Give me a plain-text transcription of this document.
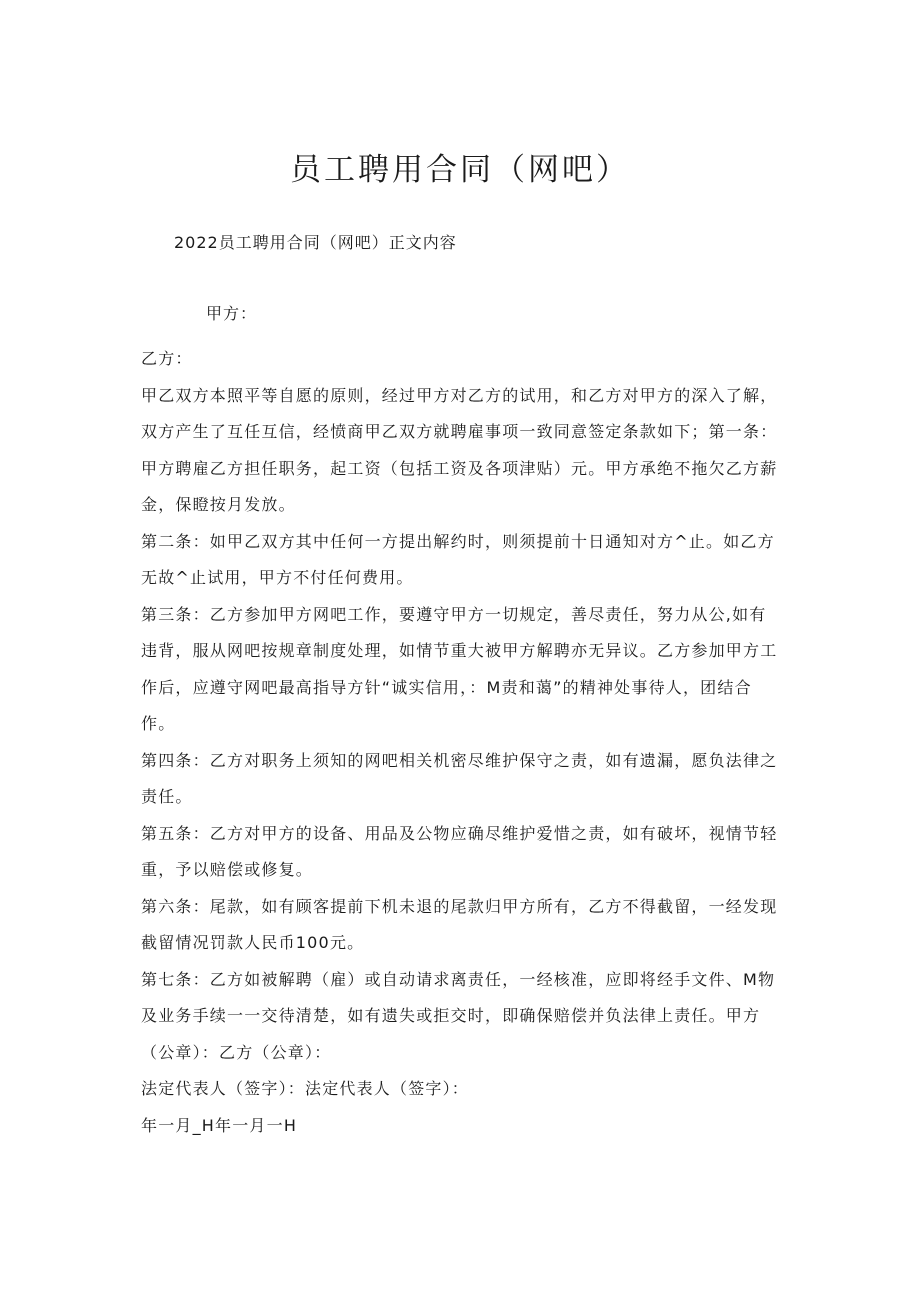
员工聘用合同（网吧）
2022员工聘用合同（网吧）正文内容
甲方：

乙方：

甲乙双方本照平等自愿的原则，经过甲方对乙方的试用，和乙方对甲方的深入了解，双方产生了互任互信，经愤商甲乙双方就聘雇事项一致同意签定条款如下；第一条：甲方聘雇乙方担任职务，起工资（包括工资及各项津贴）元。甲方承绝不拖欠乙方薪金，保瞪按月发放。

第二条：如甲乙双方其中任何一方提出解约时，则须提前十日通知对方^止。如乙方无故^止试用，甲方不付任何费用。

第三条：乙方参加甲方网吧工作，要遵守甲方一切规定，善尽责任，努力从公,如有违背，服从网吧按规章制度处理，如情节重大被甲方解聘亦无异议。乙方参加甲方工作后，应遵守网吧最高指导方针“诚实信用，：M责和蔼”的精神处事待人，团结合作。

第四条：乙方对职务上须知的网吧相关机密尽维护保守之责，如有遗漏，愿负法律之责任。

第五条：乙方对甲方的设备、用品及公物应确尽维护爱惜之责，如有破坏，视情节轻重，予以赔偿或修复。

第六条：尾款，如有顾客提前下机未退的尾款归甲方所有，乙方不得截留，一经发现截留情况罚款人民币100元。

第七条：乙方如被解聘（雇）或自动请求离责任，一经核准，应即将经手文件、M物及业务手续一一交待清楚，如有遗失或拒交时，即确保赔偿并负法律上责任。甲方（公章）：乙方（公章）：

法定代表人（签字）：法定代表人（签字）：

年一月_H年一月一H
